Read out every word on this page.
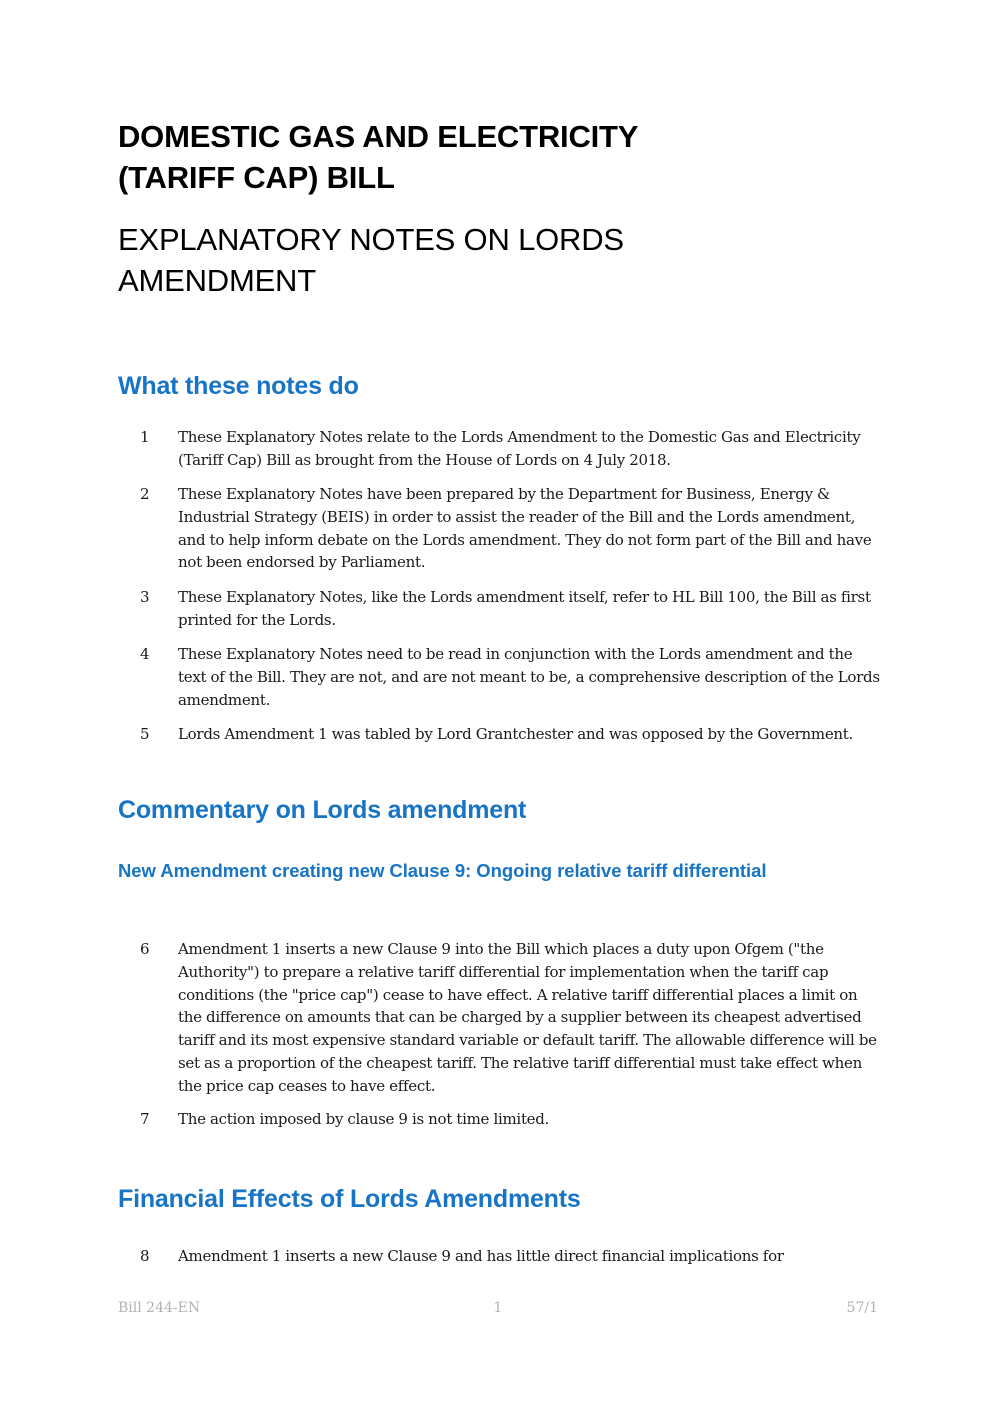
DOMESTIC GAS AND ELECTRICITY
(TARIFF CAP) BILL
EXPLANATORY NOTES ON LORDS
AMENDMENT
What these notes do
1	These Explanatory Notes relate to the Lords Amendment to the Domestic Gas and Electricity (Tariff Cap) Bill as brought from the House of Lords on 4 July 2018.
2	These Explanatory Notes have been prepared by the Department for Business, Energy & Industrial Strategy (BEIS) in order to assist the reader of the Bill and the Lords amendment, and to help inform debate on the Lords amendment. They do not form part of the Bill and have not been endorsed by Parliament.
3	These Explanatory Notes, like the Lords amendment itself, refer to HL Bill 100, the Bill as first printed for the Lords.
4	These Explanatory Notes need to be read in conjunction with the Lords amendment and the text of the Bill. They are not, and are not meant to be, a comprehensive description of the Lords amendment.
5	Lords Amendment 1 was tabled by Lord Grantchester and was opposed by the Government.
Commentary on Lords amendment
New Amendment creating new Clause 9: Ongoing relative tariff differential
6	Amendment 1 inserts a new Clause 9 into the Bill which places a duty upon Ofgem ("the Authority") to prepare a relative tariff differential for implementation when the tariff cap conditions (the "price cap") cease to have effect. A relative tariff differential places a limit on the difference on amounts that can be charged by a supplier between its cheapest advertised tariff and its most expensive standard variable or default tariff. The allowable difference will be set as a proportion of the cheapest tariff. The relative tariff differential must take effect when the price cap ceases to have effect.
7	The action imposed by clause 9 is not time limited.
Financial Effects of Lords Amendments
8	Amendment 1 inserts a new Clause 9 and has little direct financial implications for
Bill 244-EN	1	57/1
